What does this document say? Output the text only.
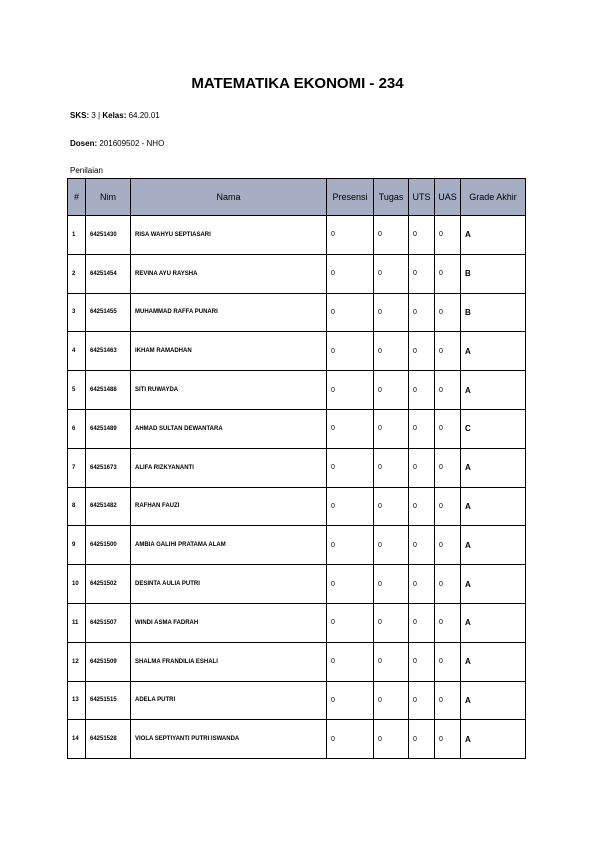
MATEMATIKA EKONOMI - 234
SKS: 3 | Kelas: 64.20.01
Dosen: 201609502 - NHO
Penilaian
#	Nim	Nama	Presensi	Tugas	UTS	UAS	Grade Akhir
1	64251430	RISA WAHYU SEPTIASARI	0	0	0	0	A
2	64251454	REVINA AYU RAYSHA	0	0	0	0	B
3	64251455	MUHAMMAD RAFFA PUNARI	0	0	0	0	B
4	64251463	IKHAM RAMADHAN	0	0	0	0	A
5	64251488	SITI RUWAYDA	0	0	0	0	A
6	64251489	AHMAD SULTAN DEWANTARA	0	0	0	0	C
7	64251673	ALIFA RIZKYANANTI	0	0	0	0	A
8	64251482	RAFHAN FAUZI	0	0	0	0	A
9	64251500	AMBIA GALIHI PRATAMA ALAM	0	0	0	0	A
10	64251502	DESINTA AULIA PUTRI	0	0	0	0	A
11	64251507	WINDI ASMA FADRAH	0	0	0	0	A
12	64251509	SHALMA FRANDILIA ESHALI	0	0	0	0	A
13	64251515	ADELA PUTRI	0	0	0	0	A
14	64251528	VIOLA SEPTIYANTI PUTRI ISWANDA	0	0	0	0	A
